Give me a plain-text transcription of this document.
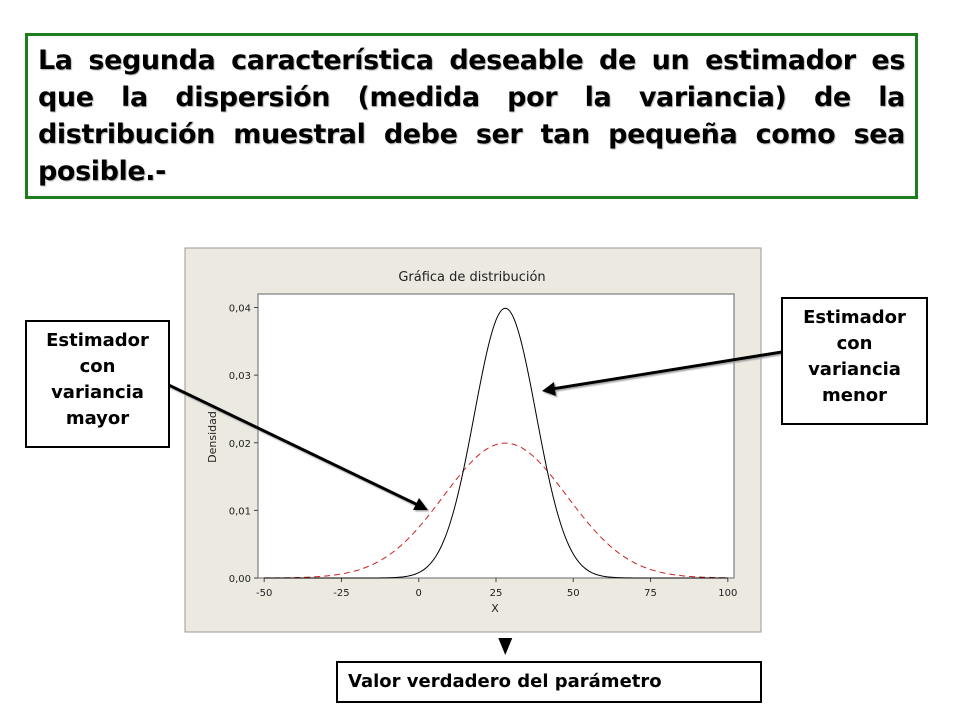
La segunda característica deseable de un estimador es que la dispersión (medida por la variancia) de la distribución muestral debe ser tan pequeña como sea posible.-
Gráfica de distribución
Densidad
X
-50	-25	0	25	50	75	100
0,00
0,01
0,02
0,03
0,04
Estimador
con
variancia
mayor
Estimador
con
variancia
menor
Valor verdadero del parámetro
